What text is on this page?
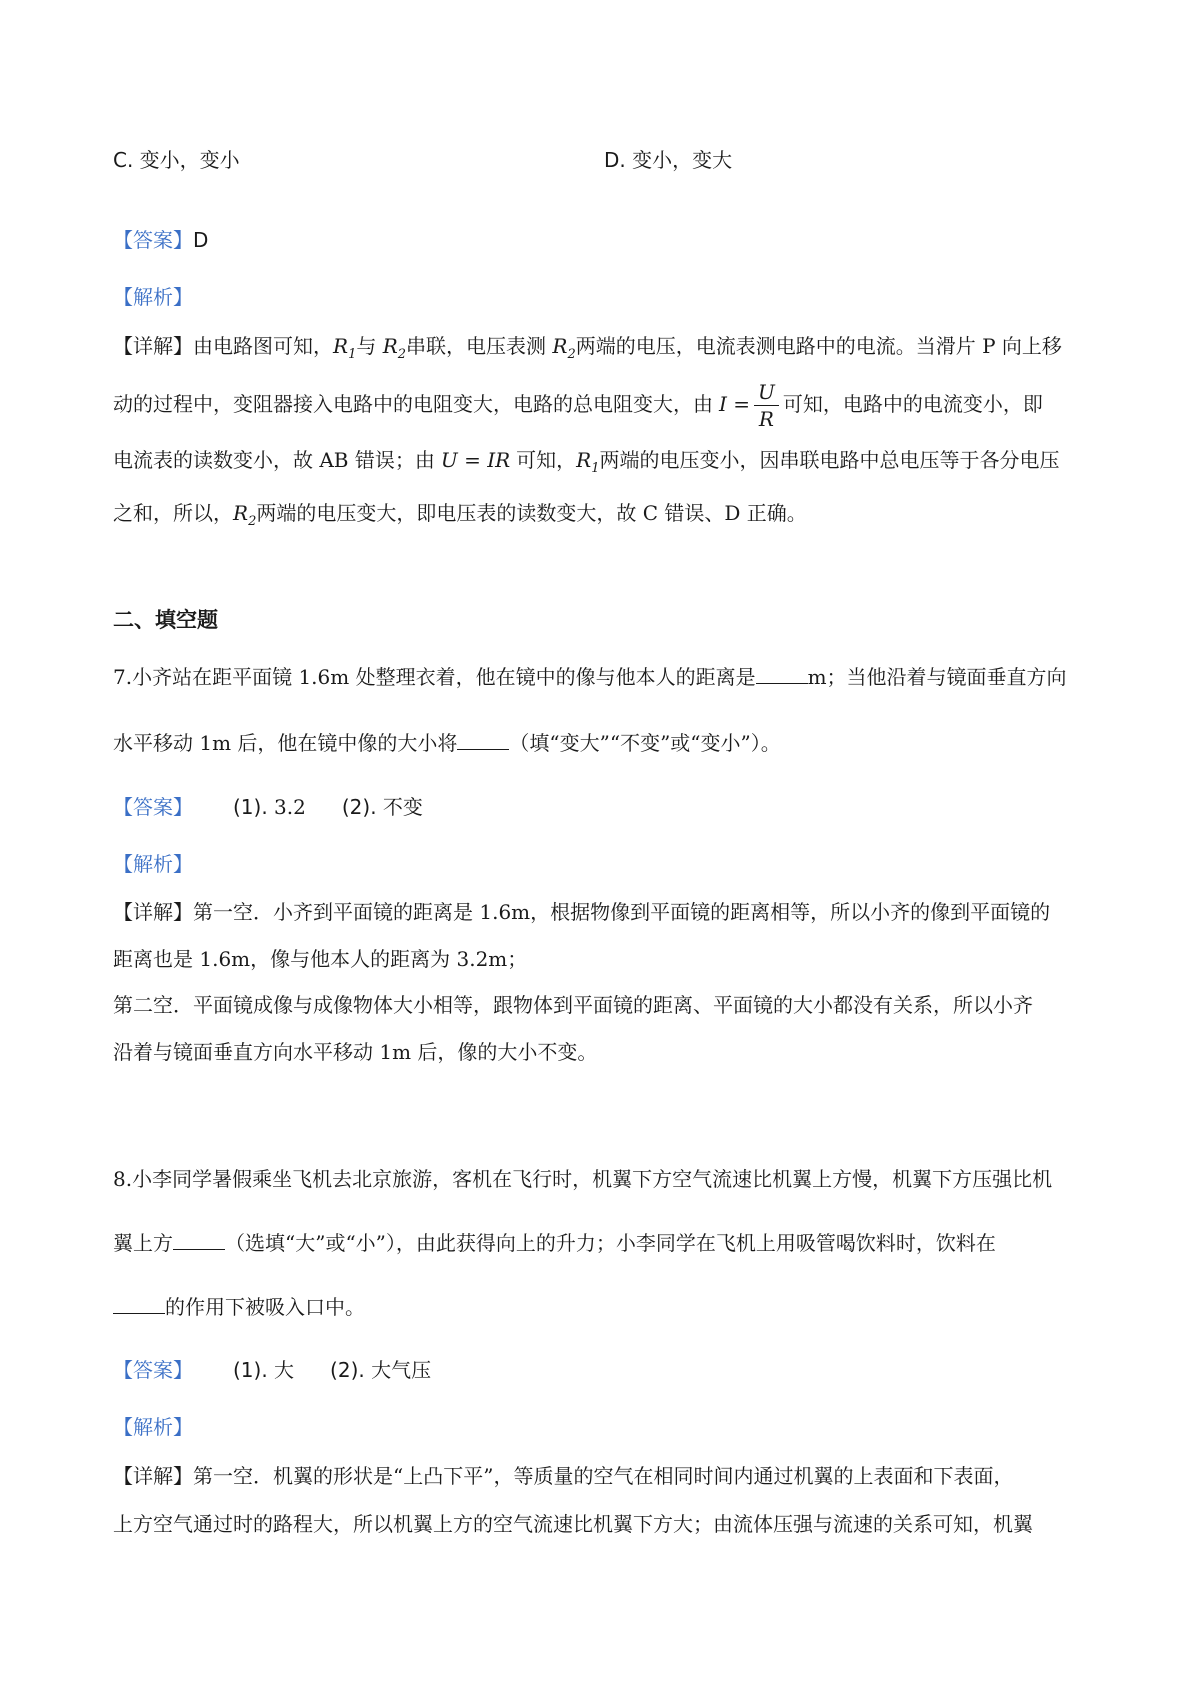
C. 变小，变小	D. 变小，变大
【答案】D
【解析】
【详解】由电路图可知，$R_1$与 $R_2$串联，电压表测 $R_2$两端的电压，电流表测电路中的电流。当滑片 P 向上移
动的过程中，变阻器接入电路中的电阻变大，电路的总电阻变大，由 $I = \frac{U}{R}$ 可知，电路中的电流变小，即
电流表的读数变小，故 AB 错误；由 U = IR 可知，$R_1$两端的电压变小，因串联电路中总电压等于各分电压
之和，所以，$R_2$两端的电压变大，即电压表的读数变大，故 C 错误、D 正确。
二、填空题
7.小齐站在距平面镜 1.6m 处整理衣着，他在镜中的像与他本人的距离是	m；当他沿着与镜面垂直方向
水平移动 1m 后，他在镜中像的大小将	（填“变大”“不变”或“变小”）。
【答案】 (1). 3.2 (2). 不变
【解析】
【详解】第一空．小齐到平面镜的距离是 1.6m，根据物像到平面镜的距离相等，所以小齐的像到平面镜的
距离也是 1.6m，像与他本人的距离为 3.2m；
第二空．平面镜成像与成像物体大小相等，跟物体到平面镜的距离、平面镜的大小都没有关系，所以小齐
沿着与镜面垂直方向水平移动 1m 后，像的大小不变。
8.小李同学暑假乘坐飞机去北京旅游，客机在飞行时，机翼下方空气流速比机翼上方慢，机翼下方压强比机
翼上方	（选填“大”或“小”），由此获得向上的升力；小李同学在飞机上用吸管喝饮料时，饮料在
的作用下被吸入口中。
【答案】 (1). 大 (2). 大气压
【解析】
【详解】第一空．机翼的形状是“上凸下平”，等质量的空气在相同时间内通过机翼的上表面和下表面，
上方空气通过时的路程大，所以机翼上方的空气流速比机翼下方大；由流体压强与流速的关系可知，机翼
